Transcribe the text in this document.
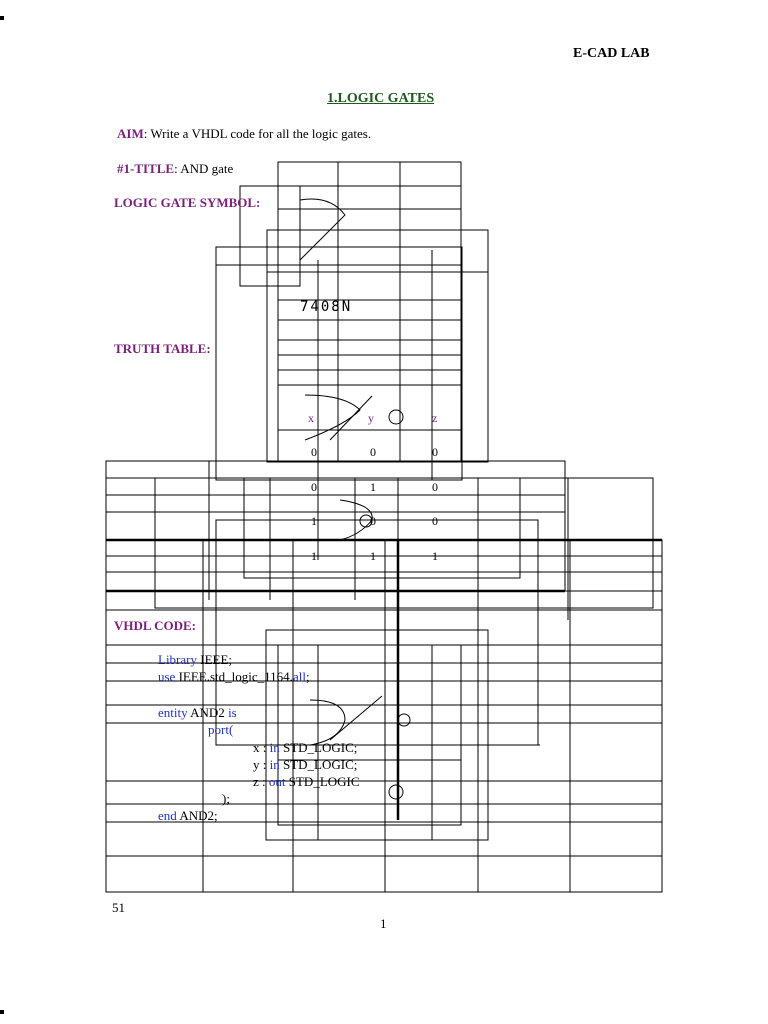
E-CAD LAB
1.LOGIC GATES
AIM: Write a VHDL code for all the logic gates.
#1-TITLE: AND gate
LOGIC GATE SYMBOL:
7408N
TRUTH TABLE:
x	y	z
0	0	0
0	1	0
1	0	0
1	1	1
VHDL CODE:
Library IEEE;
use IEEE.std_logic_1164.all;
entity AND2 is
port(
x : in STD_LOGIC;
y : in STD_LOGIC;
z : out STD_LOGIC
);
end AND2;
51
1
